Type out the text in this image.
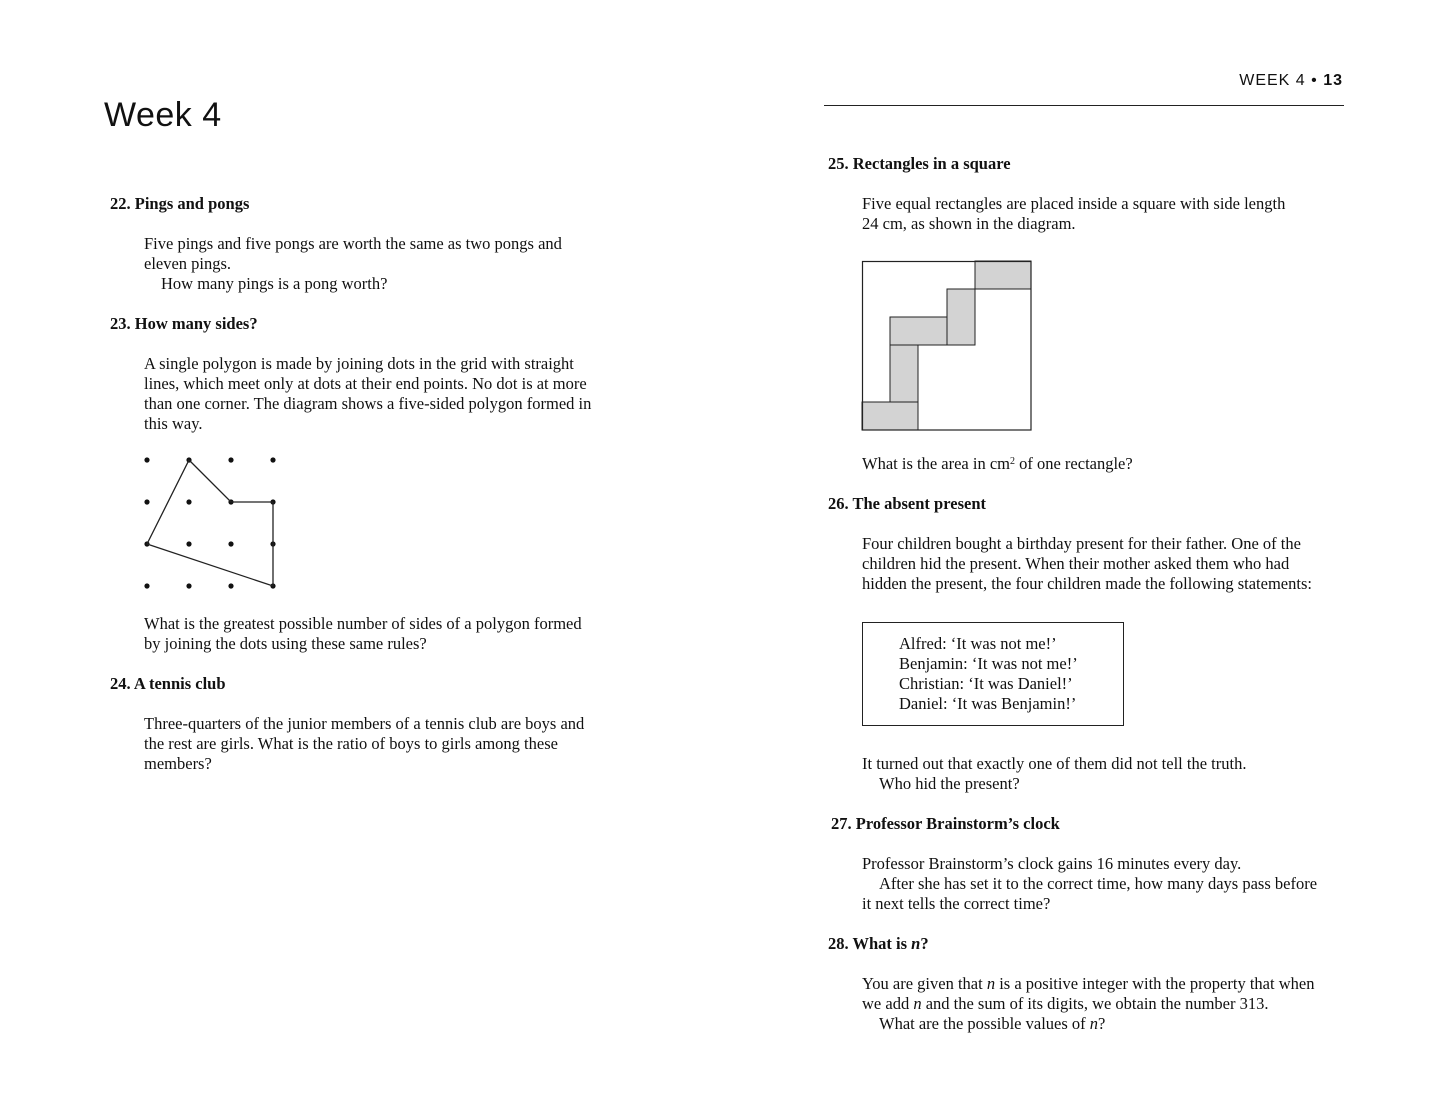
Week 4
WEEK 4 • 13
22. Pings and pongs

Five pings and five pongs are worth the same as two pongs and

eleven pings.

How many pings is a pong worth?

23. How many sides?

A single polygon is made by joining dots in the grid with straight

lines, which meet only at dots at their end points. No dot is at more

than one corner. The diagram shows a five-sided polygon formed in

this way.

What is the greatest possible number of sides of a polygon formed

by joining the dots using these same rules?

24. A tennis club

Three-quarters of the junior members of a tennis club are boys and

the rest are girls. What is the ratio of boys to girls among these

members?

25. Rectangles in a square

Five equal rectangles are placed inside a square with side length

24 cm, as shown in the diagram.

What is the area in $cm^2$ of one rectangle?

26. The absent present

Four children bought a birthday present for their father. One of the

children hid the present. When their mother asked them who had

hidden the present, the four children made the following statements:

Alfred: ‘It was not me!’
Benjamin: ‘It was not me!’
Christian: ‘It was Daniel!’
Daniel: ‘It was Benjamin!’

It turned out that exactly one of them did not tell the truth.

Who hid the present?

27. Professor Brainstorm’s clock

Professor Brainstorm’s clock gains 16 minutes every day.

After she has set it to the correct time, how many days pass before

it next tells the correct time?

28. What is n?

You are given that n is a positive integer with the property that when

we add n and the sum of its digits, we obtain the number 313.

What are the possible values of n?
